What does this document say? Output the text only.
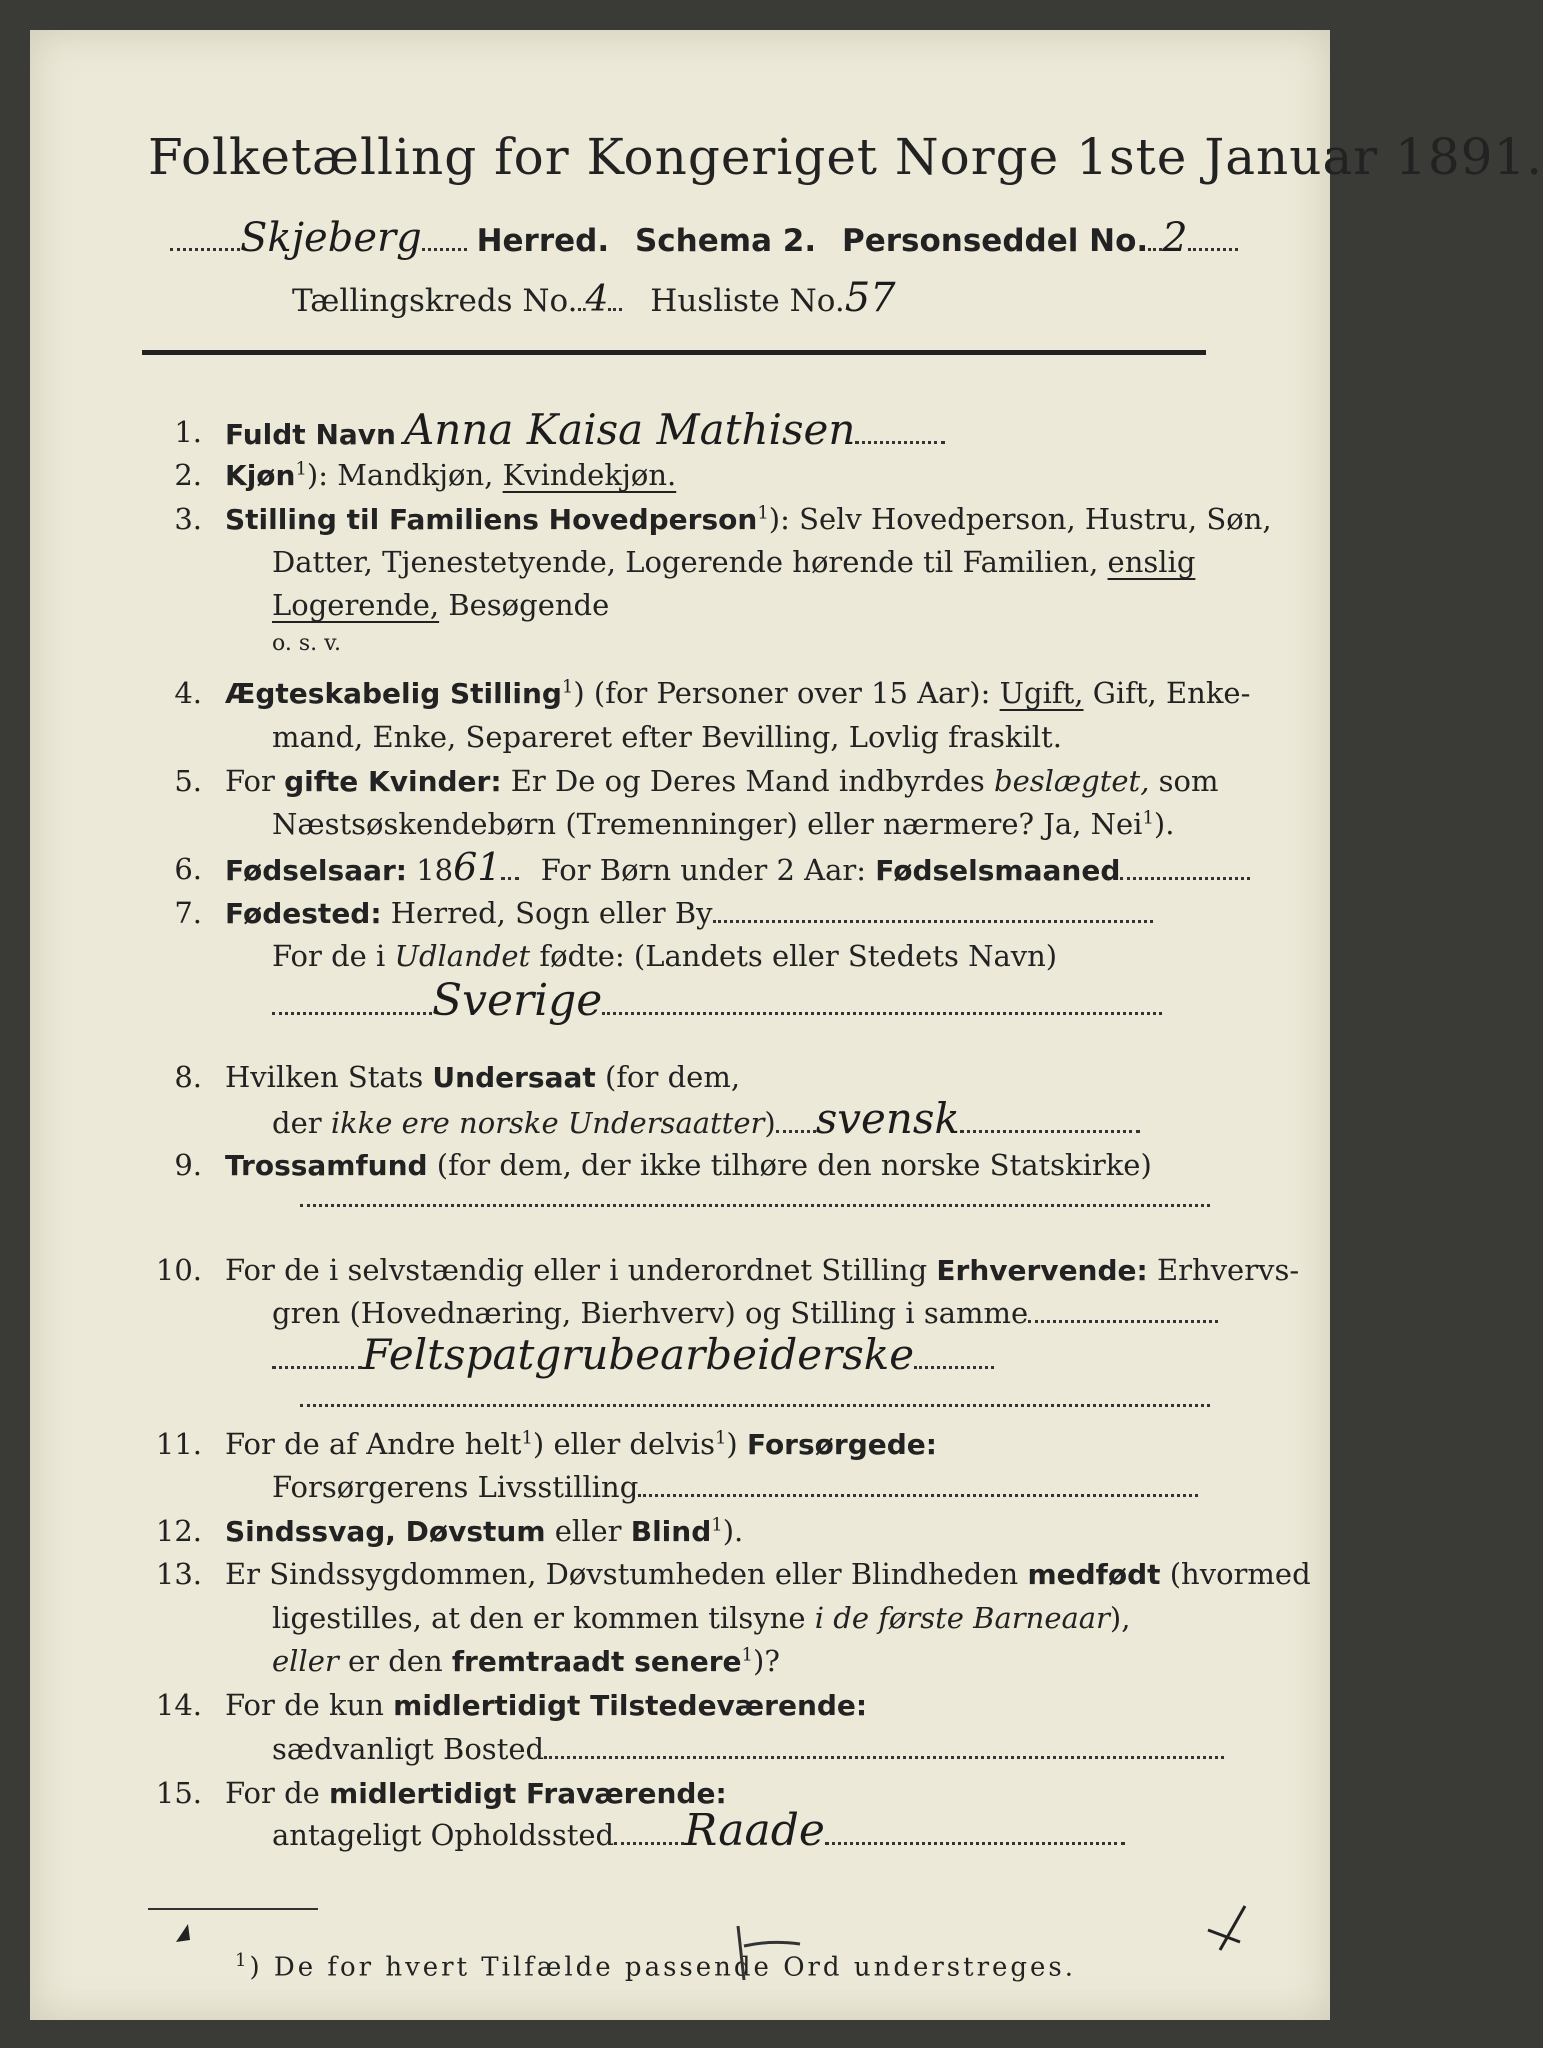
Folketælling for Kongeriget Norge 1ste Januar 1891.
Skjeberg Herred. Schema 2. Personseddel No. 2
Tællingskreds No. 4 Husliste No.57
1. Fuldt Navn Anna Kaisa Mathisen
2. Kjøn$^1$): Mandkjøn, Kvindekjøn.
3. Stilling til Familiens Hovedperson$^1$): Selv Hovedperson, Hustru, Søn,
Datter, Tjenestetyende, Logerende hørende til Familien, enslig
Logerende, Besøgende
o. s. v.
4. Ægteskabelig Stilling$^1$) (for Personer over 15 Aar): Ugift, Gift, Enke-
mand, Enke, Separeret efter Bevilling, Lovlig fraskilt.
5. For gifte Kvinder: Er De og Deres Mand indbyrdes beslægtet, som
Næstsøskendebørn (Tremenninger) eller nærmere? Ja, Nei$^1$).
6. Fødselsaar: 1861 For Børn under 2 Aar: Fødselsmaaned
7. Fødested: Herred, Sogn eller By
For de i Udlandet fødte: (Landets eller Stedets Navn)
Sverige
8. Hvilken Stats Undersaat (for dem,
der ikke ere norske Undersaatter) svensk
9. Trossamfund (for dem, der ikke tilhøre den norske Statskirke)
10. For de i selvstændig eller i underordnet Stilling Erhvervende: Erhvervs-
gren (Hovednæring, Bierhverv) og Stilling i samme
Feltspatgrubearbeiderske
11. For de af Andre helt$^1$) eller delvis$^1$) Forsørgede:
Forsørgerens Livsstilling
12. Sindssvag, Døvstum eller Blind$^1$).
13. Er Sindssygdommen, Døvstumheden eller Blindheden medfødt (hvormed
ligestilles, at den er kommen tilsyne i de første Barneaar),
eller er den fremtraadt senere$^1$)?
14. For de kun midlertidigt Tilstedeværende:
sædvanligt Bosted
15. For de midlertidigt Fraværende:
antageligt Opholdssted Raade
$^1$) De for hvert Tilfælde passende Ord understreges.
